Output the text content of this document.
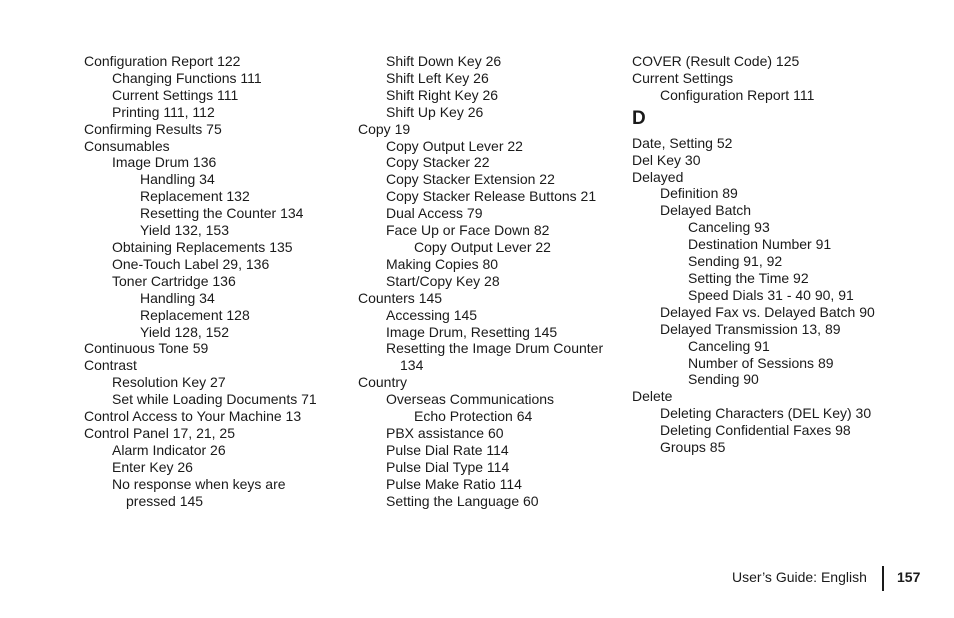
Configuration Report 122
Changing Functions 111
Current Settings 111
Printing 111, 112
Confirming Results 75
Consumables
Image Drum 136
Handling 34
Replacement 132
Resetting the Counter 134
Yield 132, 153
Obtaining Replacements 135
One-Touch Label 29, 136
Toner Cartridge 136
Handling 34
Replacement 128
Yield 128, 152
Continuous Tone 59
Contrast
Resolution Key 27
Set while Loading Documents 71
Control Access to Your Machine 13
Control Panel 17, 21, 25
Alarm Indicator 26
Enter Key 26
No response when keys are
pressed 145
Shift Down Key 26
Shift Left Key 26
Shift Right Key 26
Shift Up Key 26
Copy 19
Copy Output Lever 22
Copy Stacker 22
Copy Stacker Extension 22
Copy Stacker Release Buttons 21
Dual Access 79
Face Up or Face Down 82
Copy Output Lever 22
Making Copies 80
Start/Copy Key 28
Counters 145
Accessing 145
Image Drum, Resetting 145
Resetting the Image Drum Counter
134
Country
Overseas Communications
Echo Protection 64
PBX assistance 60
Pulse Dial Rate 114
Pulse Dial Type 114
Pulse Make Ratio 114
Setting the Language 60
COVER (Result Code) 125
Current Settings
Configuration Report 111
D
Date, Setting 52
Del Key 30
Delayed
Definition 89
Delayed Batch
Canceling 93
Destination Number 91
Sending 91, 92
Setting the Time 92
Speed Dials 31 - 40 90, 91
Delayed Fax vs. Delayed Batch 90
Delayed Transmission 13, 89
Canceling 91
Number of Sessions 89
Sending 90
Delete
Deleting Characters (DEL Key) 30
Deleting Confidential Faxes 98
Groups 85
User’s Guide: English 157
